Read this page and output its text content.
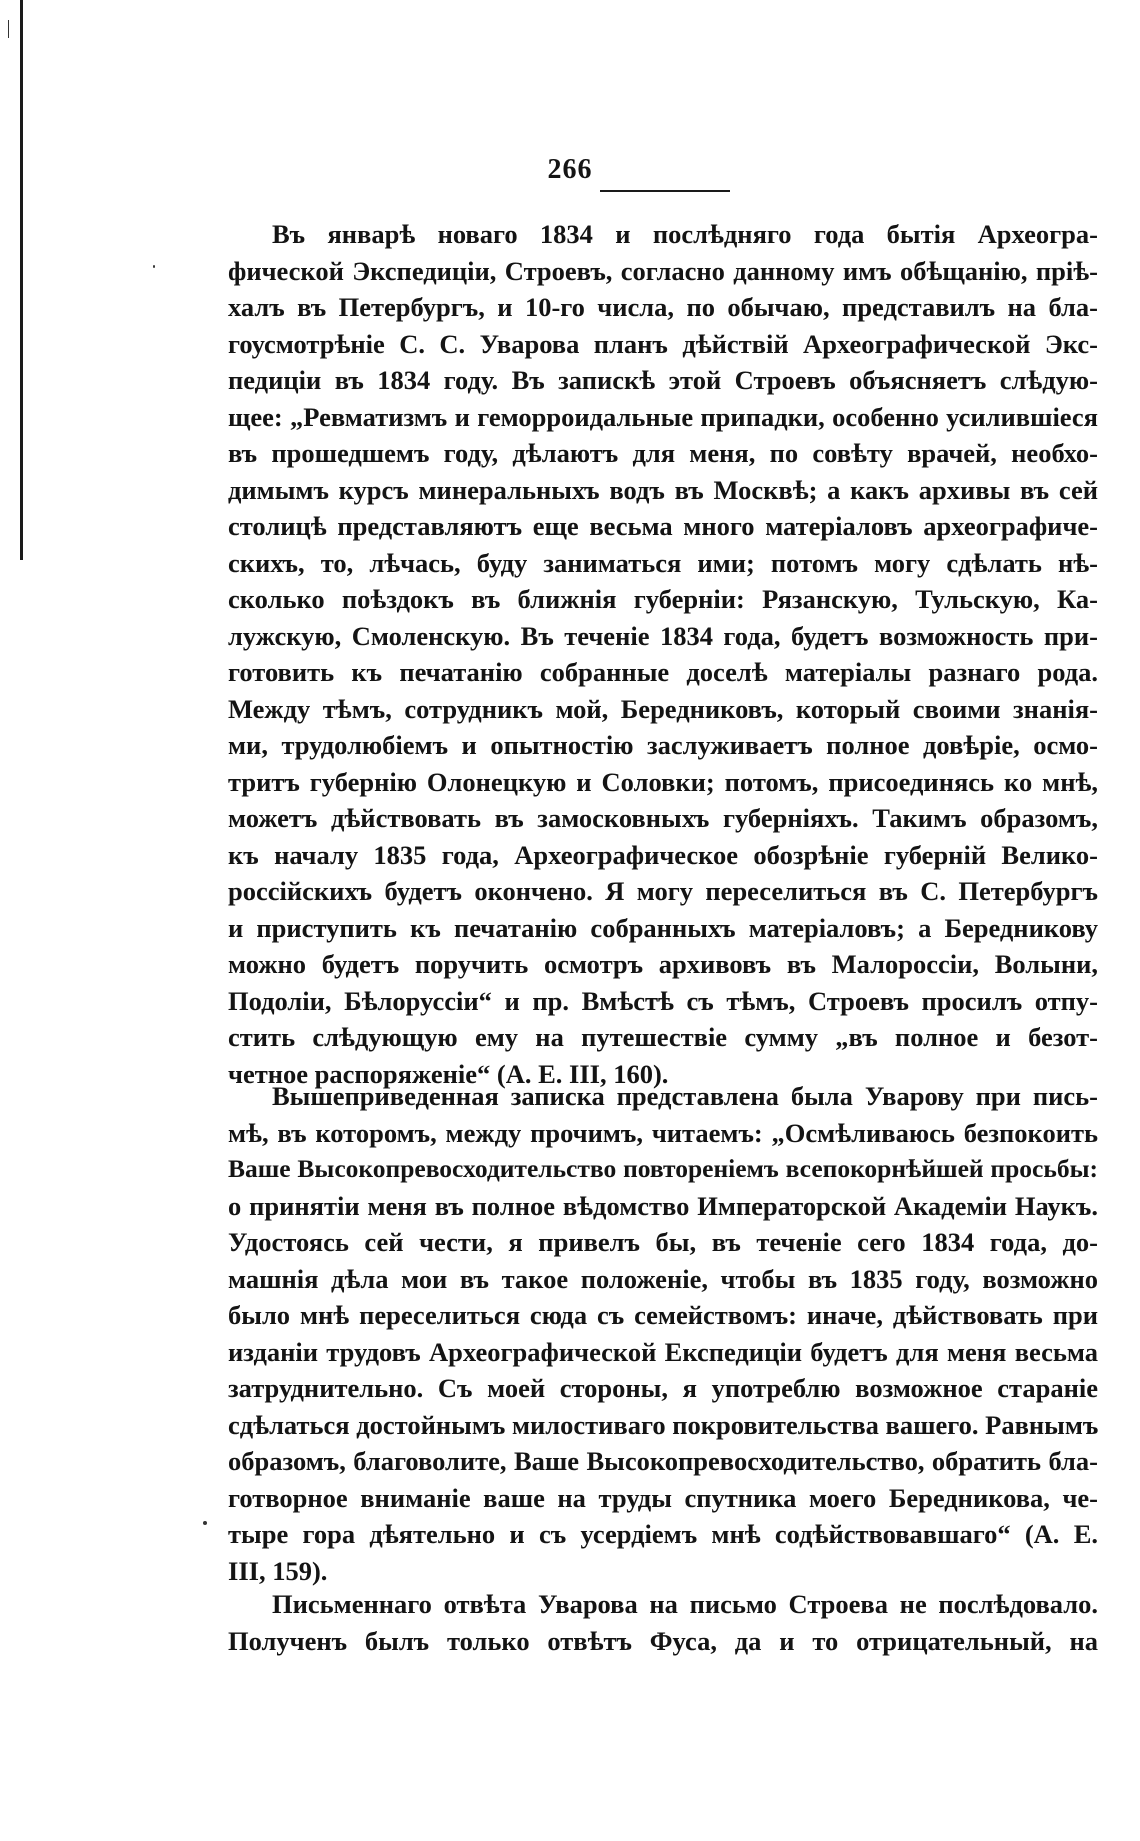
266
Въ январѣ новаго 1834 и послѣдняго года бытія Археогра-
фической Экспедиціи, Строевъ, согласно данному имъ обѣщанію, пріѣ-
халъ въ Петербургъ, и 10-го числа, по обычаю, представилъ на бла-
гоусмотрѣніе С. С. Уварова планъ дѣйствій Археографической Экс-
педиціи въ 1834 году. Въ запискѣ этой Строевъ объясняетъ слѣдую-
щее: „Ревматизмъ и геморроидальные припадки, особенно усилившіеся
въ прошедшемъ году, дѣлаютъ для меня, по совѣту врачей, необхо-
димымъ курсъ минеральныхъ водъ въ Москвѣ; а какъ архивы въ сей
столицѣ представляютъ еще весьма много матеріаловъ археографиче-
скихъ, то, лѣчась, буду заниматься ими; потомъ могу сдѣлать нѣ-
сколько поѣздокъ въ ближнія губерніи: Рязанскую, Тульскую, Ка-
лужскую, Смоленскую. Въ теченіе 1834 года, будетъ возможность при-
готовить къ печатанію собранные доселѣ матеріалы разнаго рода.
Между тѣмъ, сотрудникъ мой, Бередниковъ, который своими знанія-
ми, трудолюбіемъ и опытностію заслуживаетъ полное довѣріе, осмо-
тритъ губернію Олонецкую и Соловки; потомъ, присоединясь ко мнѣ,
можетъ дѣйствовать въ замосковныхъ губерніяхъ. Такимъ образомъ,
къ началу 1835 года, Археографическое обозрѣніе губерній Велико-
россійскихъ будетъ окончено. Я могу переселиться въ С. Петербургъ
и приступить къ печатанію собранныхъ матеріаловъ; а Бередникову
можно будетъ поручить осмотръ архивовъ въ Малороссіи, Волыни,
Подоліи, Бѣлоруссіи“ и пр. Вмѣстѣ съ тѣмъ, Строевъ просилъ отпу-
стить слѣдующую ему на путешествіе сумму „въ полное и безот-
четное распоряженіе“ (А. Е. III, 160).
Вышеприведенная записка представлена была Уварову при пись-
мѣ, въ которомъ, между прочимъ, читаемъ: „Осмѣливаюсь безпокоить
Ваше Высокопревосходительство повтореніемъ всепокорнѣйшей просьбы:
о принятіи меня въ полное вѣдомство Императорской Академіи Наукъ.
Удостоясь сей чести, я привелъ бы, въ теченіе сего 1834 года, до-
машнія дѣла мои въ такое положеніе, чтобы въ 1835 году, возможно
было мнѣ переселиться сюда съ семействомъ: иначе, дѣйствовать при
изданіи трудовъ Археографической Експедиціи будетъ для меня весьма
затруднительно. Съ моей стороны, я употреблю возможное стараніе
сдѣлаться достойнымъ милостиваго покровительства вашего. Равнымъ
образомъ, благоволите, Ваше Высокопревосходительство, обратить бла-
готворное вниманіе ваше на труды спутника моего Бередникова, че-
тыре гора дѣятельно и съ усердіемъ мнѣ содѣйствовавшаго“ (А. Е.
III, 159).
Письменнаго отвѣта Уварова на письмо Строева не послѣдовало.
Полученъ былъ только отвѣтъ Фуса, да и то отрицательный, на
